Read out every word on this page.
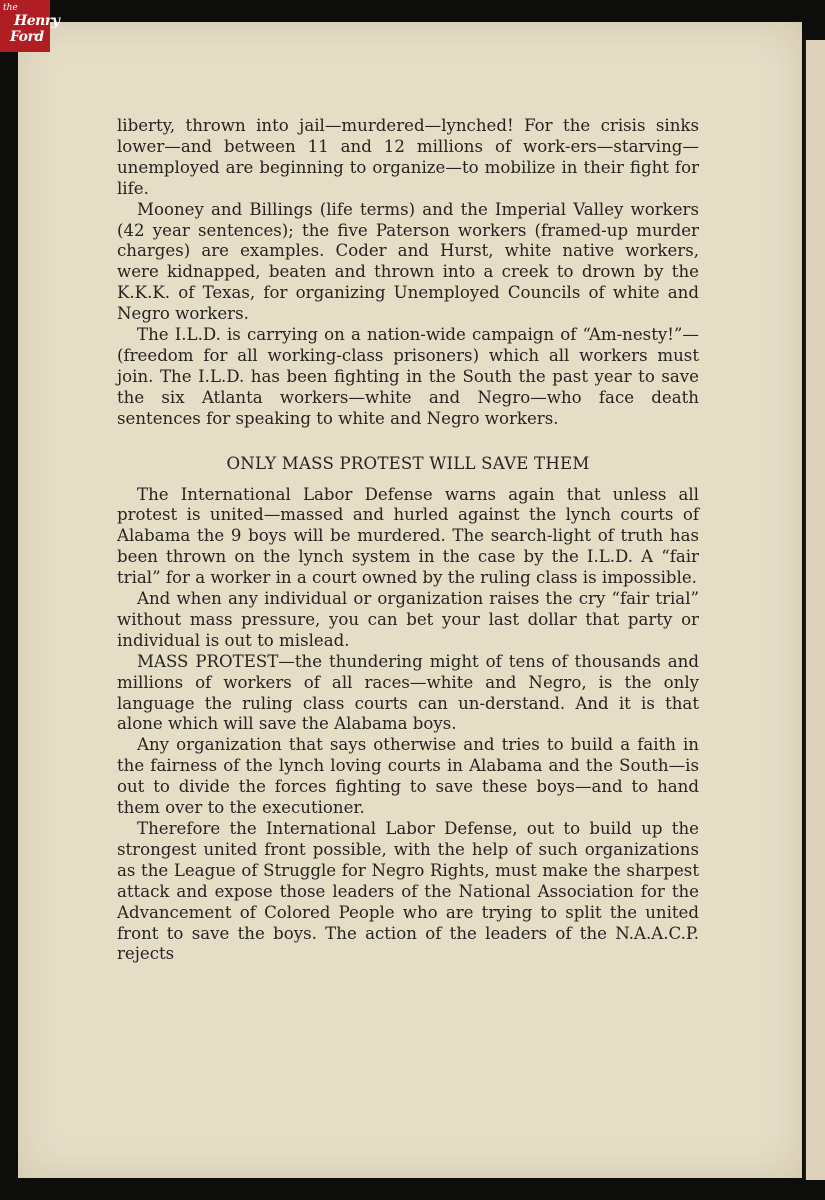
the
Henry
Ford

liberty, thrown into jail—murdered—lynched! For the crisis sinks lower—and between 11 and 12 millions of work-ers—starving—unemployed are beginning to organize—to mobilize in their fight for life.

Mooney and Billings (life terms) and the Imperial Valley workers (42 year sentences); the five Paterson workers (framed-up murder charges) are examples. Coder and Hurst, white native workers, were kidnapped, beaten and thrown into a creek to drown by the K.K.K. of Texas, for organizing Unemployed Councils of white and Negro workers.

The I.L.D. is carrying on a nation-wide campaign of “Am-nesty!”—(freedom for all working-class prisoners) which all workers must join. The I.L.D. has been fighting in the South the past year to save the six Atlanta workers—white and Negro—who face death sentences for speaking to white and Negro workers.

ONLY MASS PROTEST WILL SAVE THEM

The International Labor Defense warns again that unless all protest is united—massed and hurled against the lynch courts of Alabama the 9 boys will be murdered. The search-light of truth has been thrown on the lynch system in the case by the I.L.D. A “fair trial” for a worker in a court owned by the ruling class is impossible.

And when any individual or organization raises the cry “fair trial” without mass pressure, you can bet your last dollar that party or individual is out to mislead.

MASS PROTEST—the thundering might of tens of thousands and millions of workers of all races—white and Negro, is the only language the ruling class courts can un-derstand. And it is that alone which will save the Alabama boys.

Any organization that says otherwise and tries to build a faith in the fairness of the lynch loving courts in Alabama and the South—is out to divide the forces fighting to save these boys—and to hand them over to the executioner.

Therefore the International Labor Defense, out to build up the strongest united front possible, with the help of such organizations as the League of Struggle for Negro Rights, must make the sharpest attack and expose those leaders of the National Association for the Advancement of Colored People who are trying to split the united front to save the boys. The action of the leaders of the N.A.A.C.P. rejects
